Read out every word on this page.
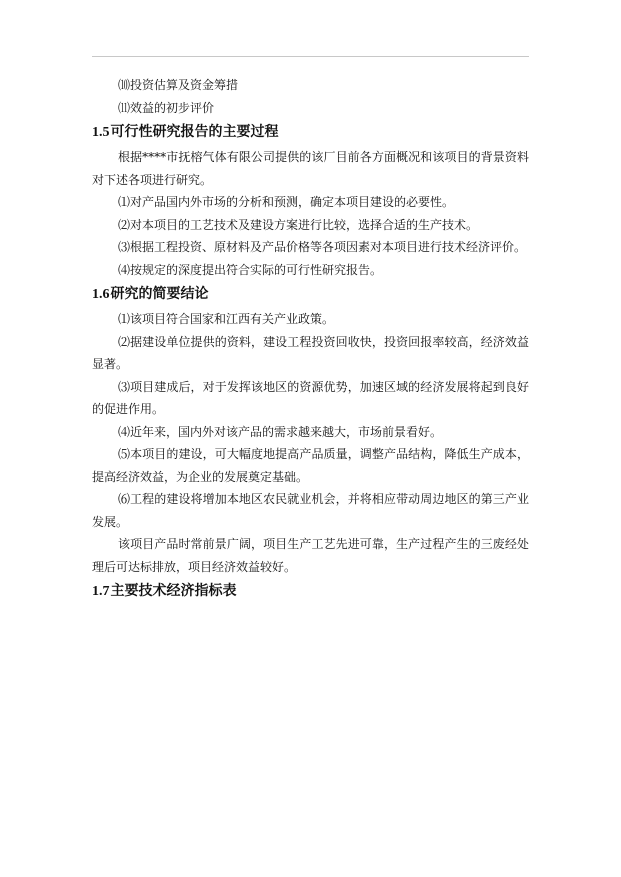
⑽投资估算及资金筹措

⑾效益的初步评价

1.5可行性研究报告的主要过程

根据****市抚榕气体有限公司提供的该厂目前各方面概况和该项目的背景资料对下述各项进行研究。

⑴对产品国内外市场的分析和预测，确定本项目建设的必要性。

⑵对本项目的工艺技术及建设方案进行比较，选择合适的生产技术。

⑶根据工程投资、原材料及产品价格等各项因素对本项目进行技术经济评价。

⑷按规定的深度提出符合实际的可行性研究报告。

1.6研究的简要结论

⑴该项目符合国家和江西有关产业政策。

⑵据建设单位提供的资料，建设工程投资回收快，投资回报率较高，经济效益显著。

⑶项目建成后，对于发挥该地区的资源优势，加速区域的经济发展将起到良好的促进作用。

⑷近年来，国内外对该产品的需求越来越大，市场前景看好。

⑸本项目的建设，可大幅度地提高产品质量，调整产品结构，降低生产成本，提高经济效益，为企业的发展奠定基础。

⑹工程的建设将增加本地区农民就业机会，并将相应带动周边地区的第三产业发展。

该项目产品时常前景广阔，项目生产工艺先进可靠，生产过程产生的三废经处理后可达标排放，项目经济效益较好。

1.7主要技术经济指标表
